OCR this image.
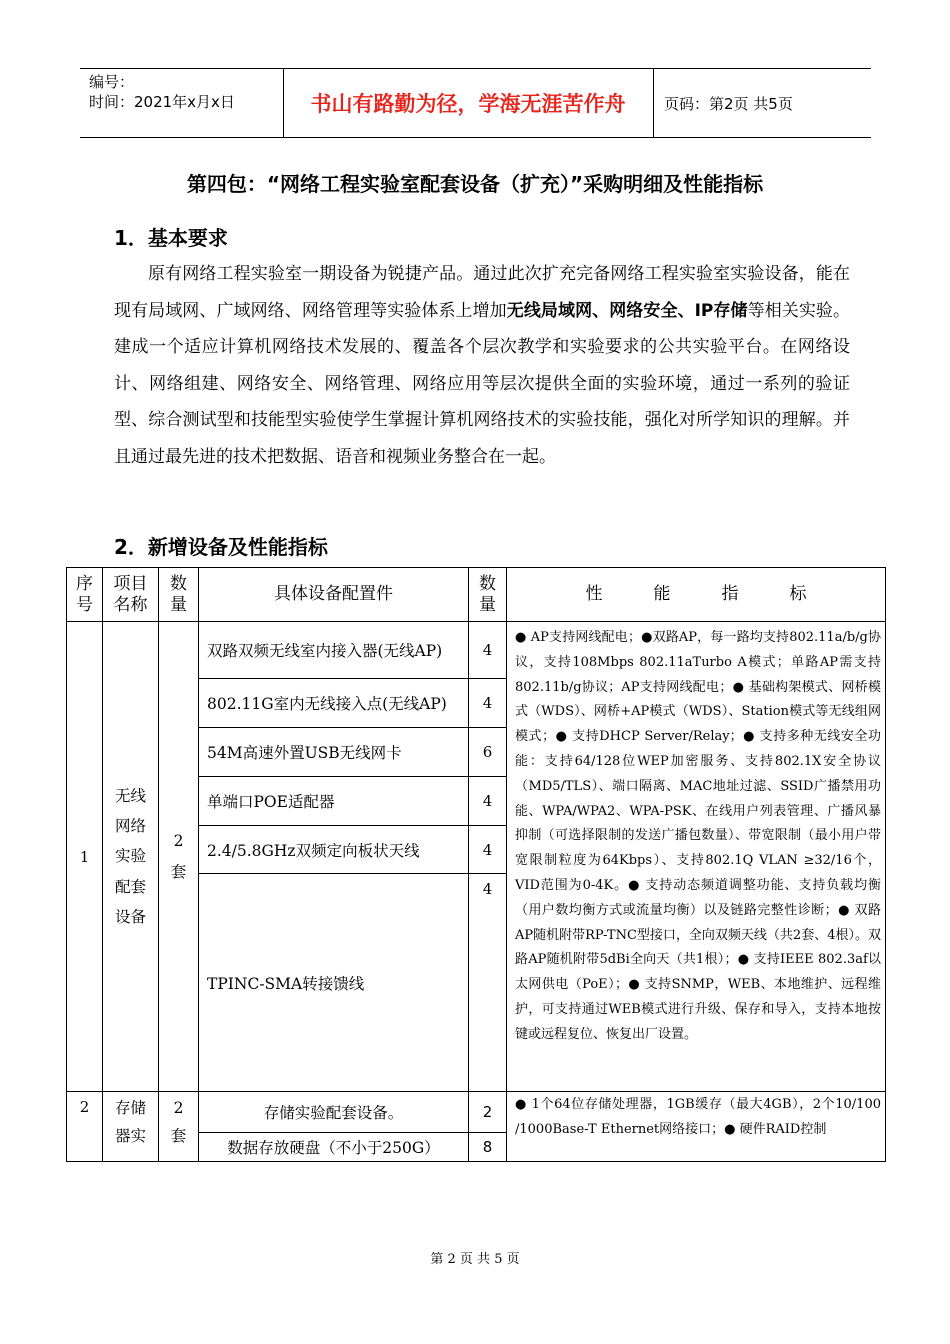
编号：
时间：2021年x月x日	书山有路勤为径，学海无涯苦作舟	页码：第2页 共5页
第四包：“网络工程实验室配套设备（扩充）”采购明细及性能指标
1．基本要求
原有网络工程实验室一期设备为锐捷产品。通过此次扩充完备网络工程实验室实验设备，能在现有局域网、广域网络、网络管理等实验体系上增加无线局域网、网络安全、IP存储等相关实验。建成一个适应计算机网络技术发展的、覆盖各个层次教学和实验要求的公共实验平台。在网络设计、网络组建、网络安全、网络管理、网络应用等层次提供全面的实验环境，通过一系列的验证型、综合测试型和技能型实验使学生掌握计算机网络技术的实验技能，强化对所学知识的理解。并且通过最先进的技术把数据、语音和视频业务整合在一起。
2．新增设备及性能指标
序号	项目名称	数量	具体设备配置件	数量	性　　　能　　　指　　　标
1	无线网络实验配套设备	2套	双路双频无线室内接入器(无线AP)	4	● AP支持网线配电；●双路AP，每一路均支持802.11a/b/g协议，支持108Mbps 802.11aTurbo A模式；单路AP需支持802.11b/g协议；AP支持网线配电；● 基础构架模式、网桥模式（WDS）、网桥+AP模式（WDS）、Station模式等无线组网模式；● 支持DHCP Server/Relay；● 支持多种无线安全功能：支持64/128位WEP加密服务、支持802.1X安全协议（MD5/TLS）、端口隔离、MAC地址过滤、SSID广播禁用功能、WPA/WPA2、WPA-PSK、在线用户列表管理、广播风暴抑制（可选择限制的发送广播包数量）、带宽限制（最小用户带宽限制粒度为64Kbps）、支持802.1Q VLAN ≥32/16个，VID范围为0-4K。● 支持动态频道调整功能、支持负载均衡（用户数均衡方式或流量均衡）以及链路完整性诊断；● 双路AP随机附带RP-TNC型接口，全向双频天线（共2套、4根）。双路AP随机附带5dBi全向天（共1根）；● 支持IEEE 802.3af以太网供电（PoE）；● 支持SNMP，WEB、本地维护、远程维护，可支持通过WEB模式进行升级、保存和导入，支持本地按键或远程复位、恢复出厂设置。
			802.11G室内无线接入点(无线AP)	4	
			54M高速外置USB无线网卡	6	
			单端口POE适配器	4	
			2.4/5.8GHz双频定向板状天线	4	
			TPINC-SMA转接馈线	4	
2	存储器实	2套	存储实验配套设备。	2	● 1个64位存储处理器，1GB缓存（最大4GB），2个10/100 /1000Base-T Ethernet网络接口；● 硬件RAID控制
			数据存放硬盘（不小于250G）	8	
第 2 页 共 5 页
